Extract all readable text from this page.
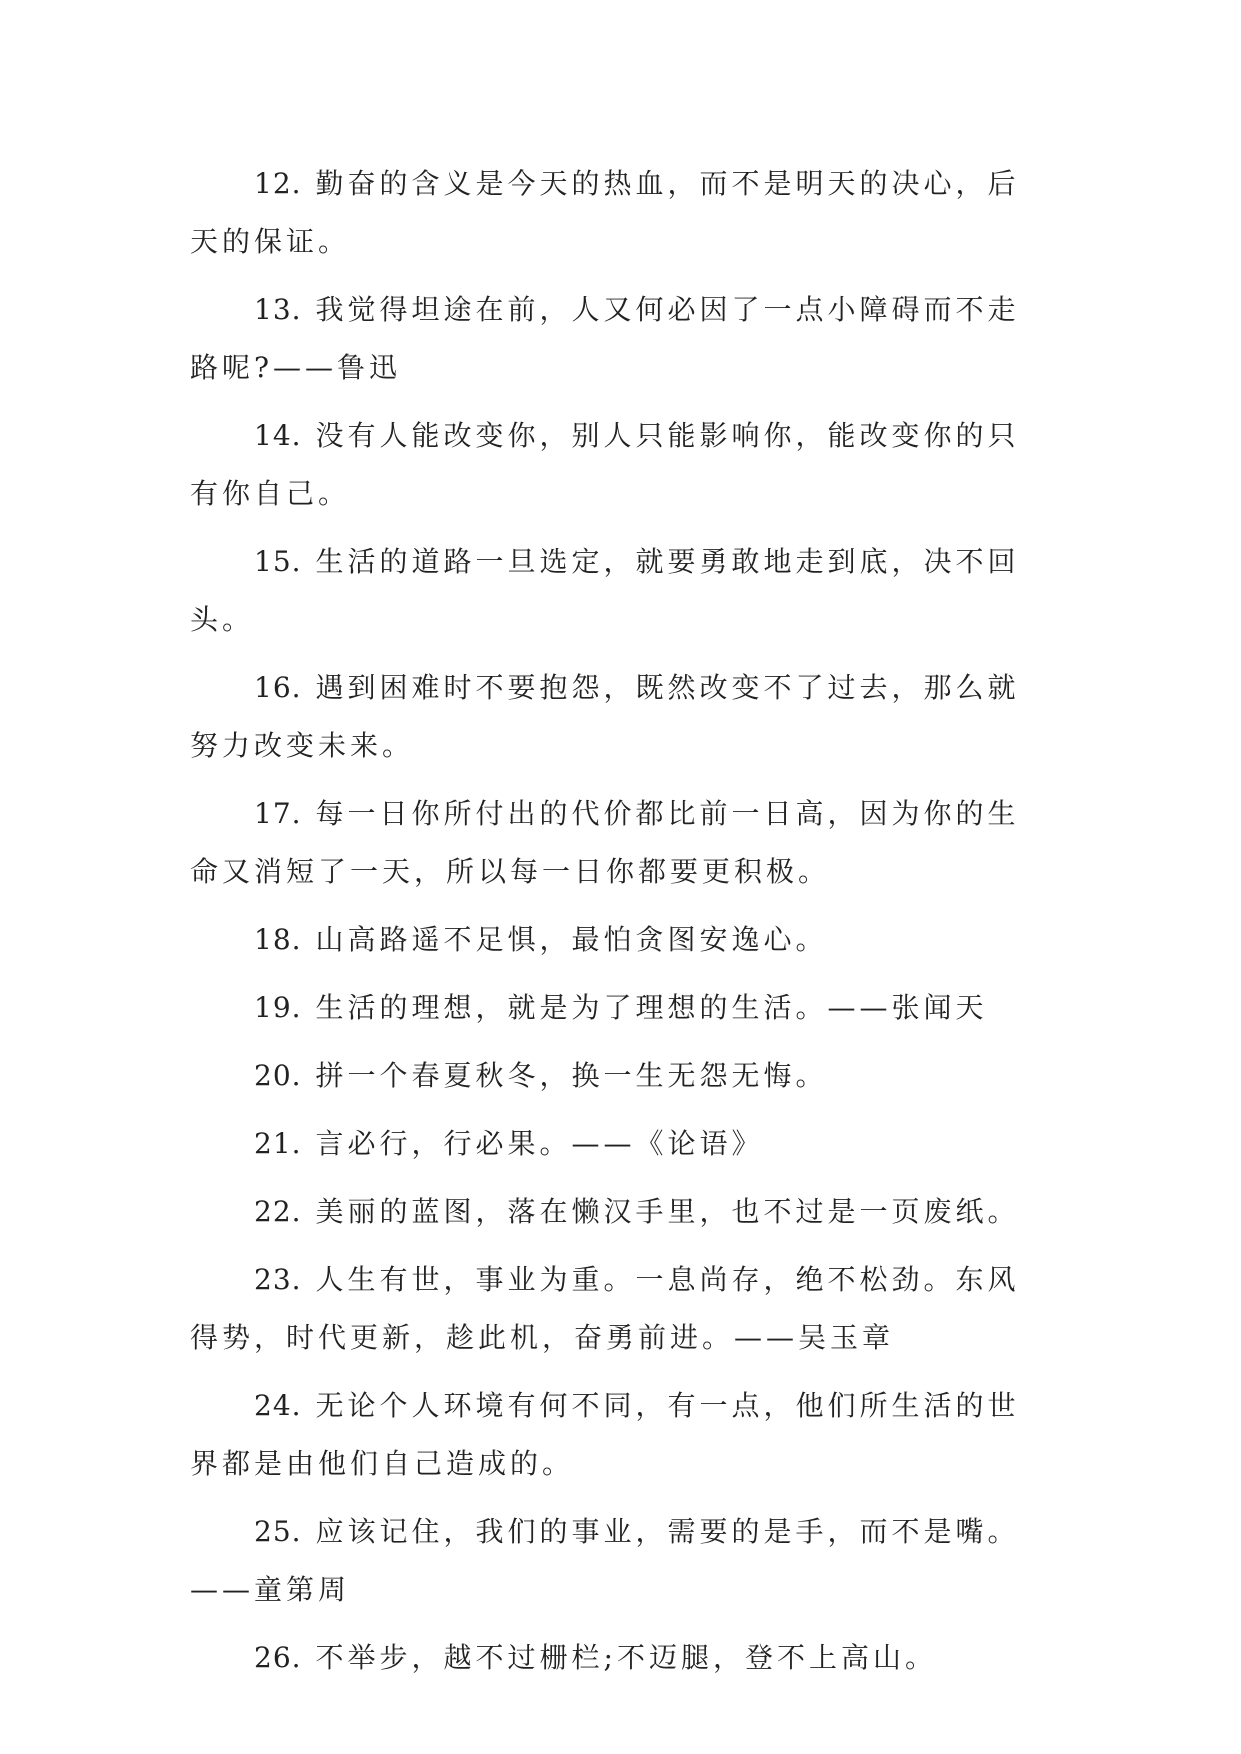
12. 勤奋的含义是今天的热血，而不是明天的决心，后天的保证。

13. 我觉得坦途在前，人又何必因了一点小障碍而不走路呢?——鲁迅

14. 没有人能改变你，别人只能影响你，能改变你的只有你自己。

15. 生活的道路一旦选定，就要勇敢地走到底，决不回头。

16. 遇到困难时不要抱怨，既然改变不了过去，那么就努力改变未来。

17. 每一日你所付出的代价都比前一日高，因为你的生命又消短了一天，所以每一日你都要更积极。

18. 山高路遥不足惧，最怕贪图安逸心。

19. 生活的理想，就是为了理想的生活。——张闻天

20. 拼一个春夏秋冬，换一生无怨无悔。

21. 言必行，行必果。——《论语》

22. 美丽的蓝图，落在懒汉手里，也不过是一页废纸。

23. 人生有世，事业为重。一息尚存，绝不松劲。东风得势，时代更新，趁此机，奋勇前进。——吴玉章

24. 无论个人环境有何不同，有一点，他们所生活的世界都是由他们自己造成的。

25. 应该记住，我们的事业，需要的是手，而不是嘴。——童第周

26. 不举步，越不过栅栏;不迈腿，登不上高山。
